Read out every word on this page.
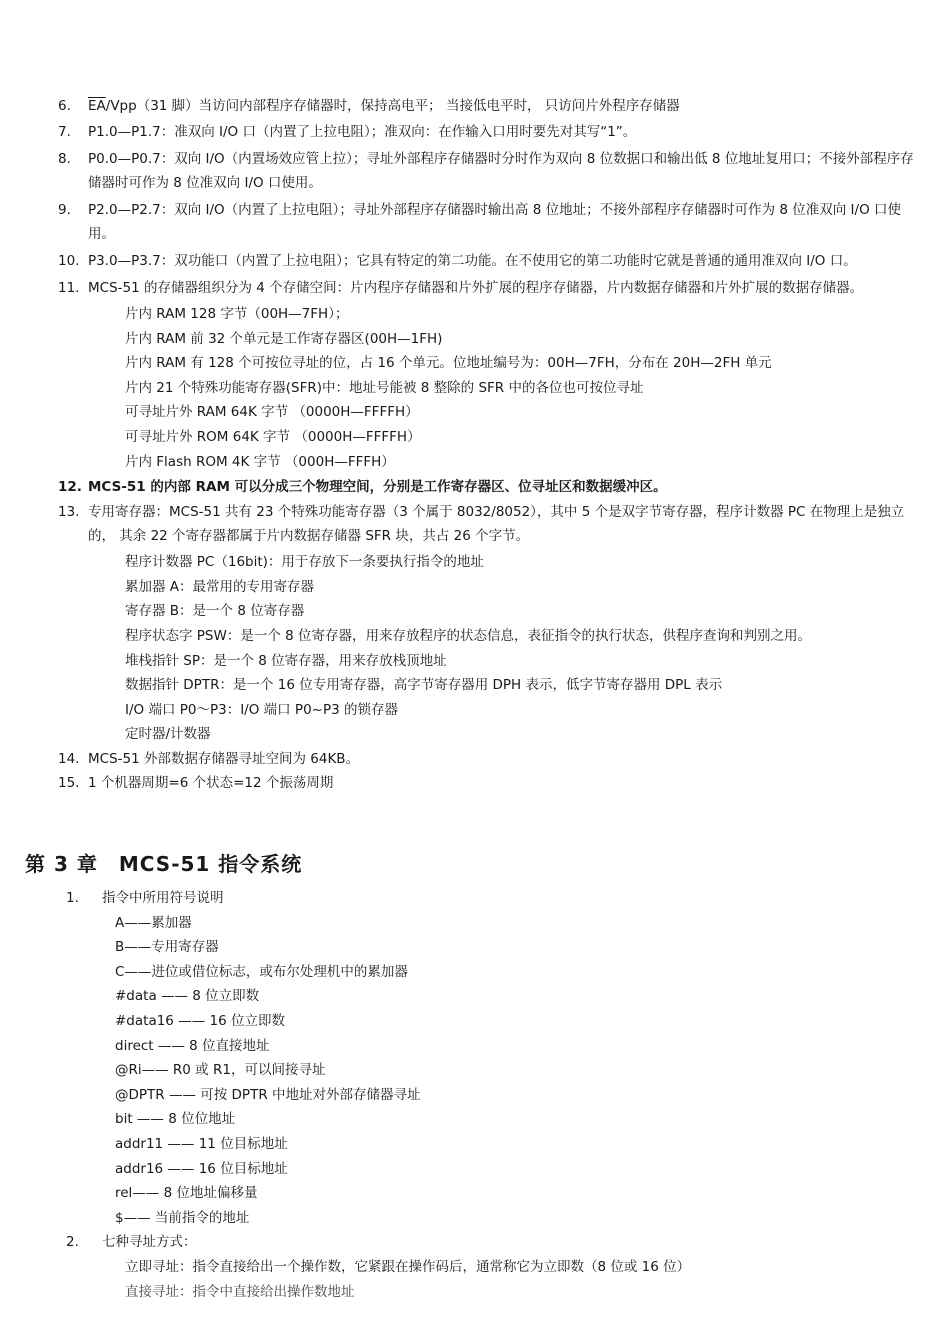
6. $\overline{EA}/Vpp(31$ 脚）当访问内部程序存储器时，保持高电平； 当接低电平时， 只访问片外程序存储器
7. P1.0—P1.7：准双向 I/O 口（内置了上拉电阻）；准双向：在作输入口用时要先对其写“1”。
8. P0.0—P0.7：双向 I/O（内置场效应管上拉）；寻址外部程序存储器时分时作为双向 8 位数据口和输出低 8 位地址复用口；不接外部程序存储器时可作为 8 位准双向 I/O 口使用。
9. P2.0—P2.7：双向 I/O（内置了上拉电阻）；寻址外部程序存储器时输出高 8 位地址；不接外部程序存储器时可作为 8 位准双向 I/O 口使用。
10. P3.0—P3.7：双功能口（内置了上拉电阻）；它具有特定的第二功能。在不使用它的第二功能时它就是普通的通用准双向 I/O 口。
11. MCS-51 的存储器组织分为 4 个存储空间：片内程序存储器和片外扩展的程序存储器，片内数据存储器和片外扩展的数据存储器。
片内 RAM 128 字节（00H—7FH）；
片内 RAM 前 32 个单元是工作寄存器区(00H—1FH)
片内 RAM 有 128 个可按位寻址的位，占 16 个单元。位地址编号为：00H—7FH，分布在 20H—2FH 单元
片内 21 个特殊功能寄存器(SFR)中：地址号能被 8 整除的 SFR 中的各位也可按位寻址
可寻址片外 RAM 64K 字节 （0000H—FFFFH）
可寻址片外 ROM 64K 字节 （0000H—FFFFH）
片内 Flash ROM 4K 字节 （000H—FFFH）
12. MCS-51 的内部 RAM 可以分成三个物理空间，分别是工作寄存器区、位寻址区和数据缓冲区。
13. 专用寄存器：MCS-51 共有 23 个特殊功能寄存器（3 个属于 8032/8052），其中 5 个是双字节寄存器，程序计数器 PC 在物理上是独立的， 其余 22 个寄存器都属于片内数据存储器 SFR 块，共占 26 个字节。
程序计数器 PC（16bit)：用于存放下一条要执行指令的地址
累加器 A：最常用的专用寄存器
寄存器 B：是一个 8 位寄存器
程序状态字 PSW：是一个 8 位寄存器，用来存放程序的状态信息，表征指令的执行状态，供程序查询和判别之用。
堆栈指针 SP：是一个 8 位寄存器，用来存放栈顶地址
数据指针 DPTR：是一个 16 位专用寄存器，高字节寄存器用 DPH 表示，低字节寄存器用 DPL 表示
I/O 端口 P0～P3：I/O 端口 P0~P3 的锁存器
定时器/计数器
14. MCS-51 外部数据存储器寻址空间为 64KB。
15. 1 个机器周期=6 个状态=12 个振荡周期
第 3 章　MCS-51 指令系统
1. 指令中所用符号说明
A——累加器
B——专用寄存器
C——进位或借位标志，或布尔处理机中的累加器
#data —— 8 位立即数
#data16 —— 16 位立即数
direct —— 8 位直接地址
@Ri—— R0 或 R1，可以间接寻址
@DPTR —— 可按 DPTR 中地址对外部存储器寻址
bit —— 8 位位地址
addr11 —— 11 位目标地址
addr16 —— 16 位目标地址
rel—— 8 位地址偏移量
$—— 当前指令的地址
2. 七种寻址方式：
立即寻址：指令直接给出一个操作数，它紧跟在操作码后，通常称它为立即数（8 位或 16 位）
直接寻址：指令中直接给出操作数地址
